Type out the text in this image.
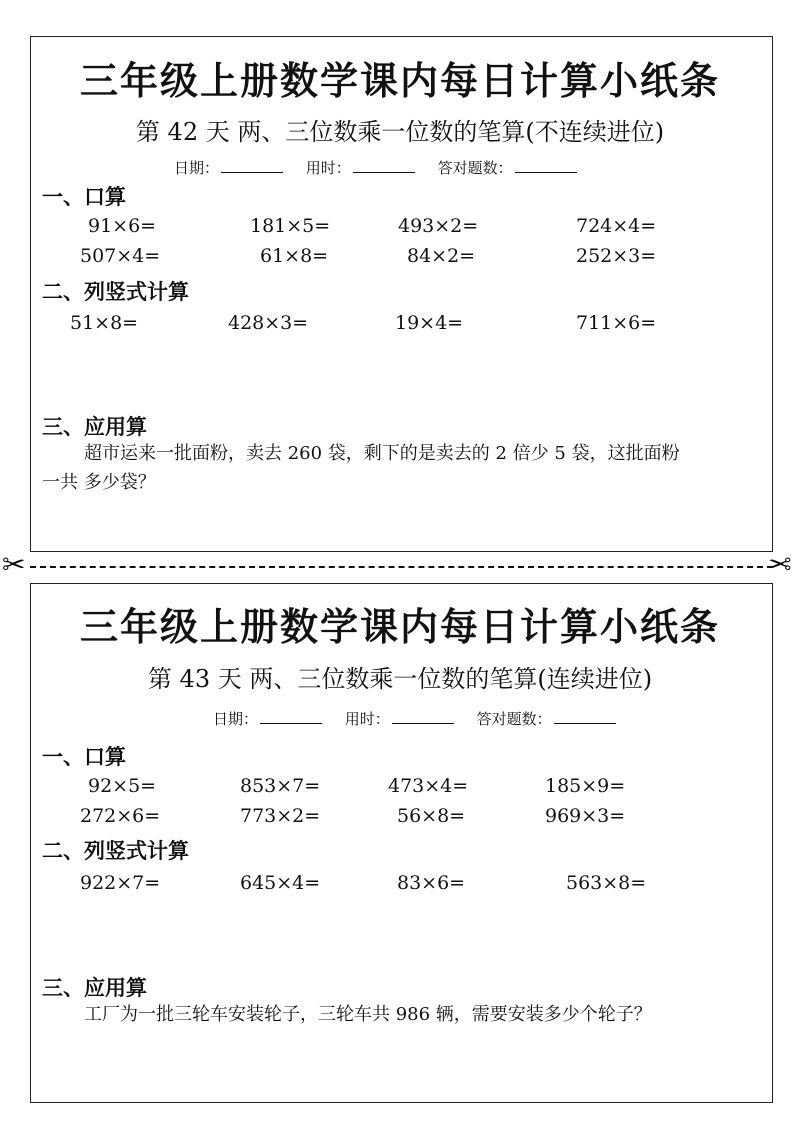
三年级上册数学课内每日计算小纸条
第 42 天 两、三位数乘一位数的笔算(不连续进位)
日期：	用时：	答对题数：
一、口算
91×6=	181×5=	493×2=	724×4=
507×4=	61×8=	84×2=	252×3=
二、列竖式计算
51×8=	428×3=	19×4=	711×6=
三、应用算
超市运来一批面粉，卖去 260 袋，剩下的是卖去的 2 倍少 5 袋，这批面粉
一共 多少袋？
✂	✂
三年级上册数学课内每日计算小纸条
第 43 天 两、三位数乘一位数的笔算(连续进位)
日期：	用时：	答对题数：
一、口算
92×5=	853×7=	473×4=	185×9=
272×6=	773×2=	56×8=	969×3=
二、列竖式计算
922×7=	645×4=	83×6=	563×8=
三、应用算
工厂为一批三轮车安装轮子，三轮车共 986 辆，需要安装多少个轮子？
